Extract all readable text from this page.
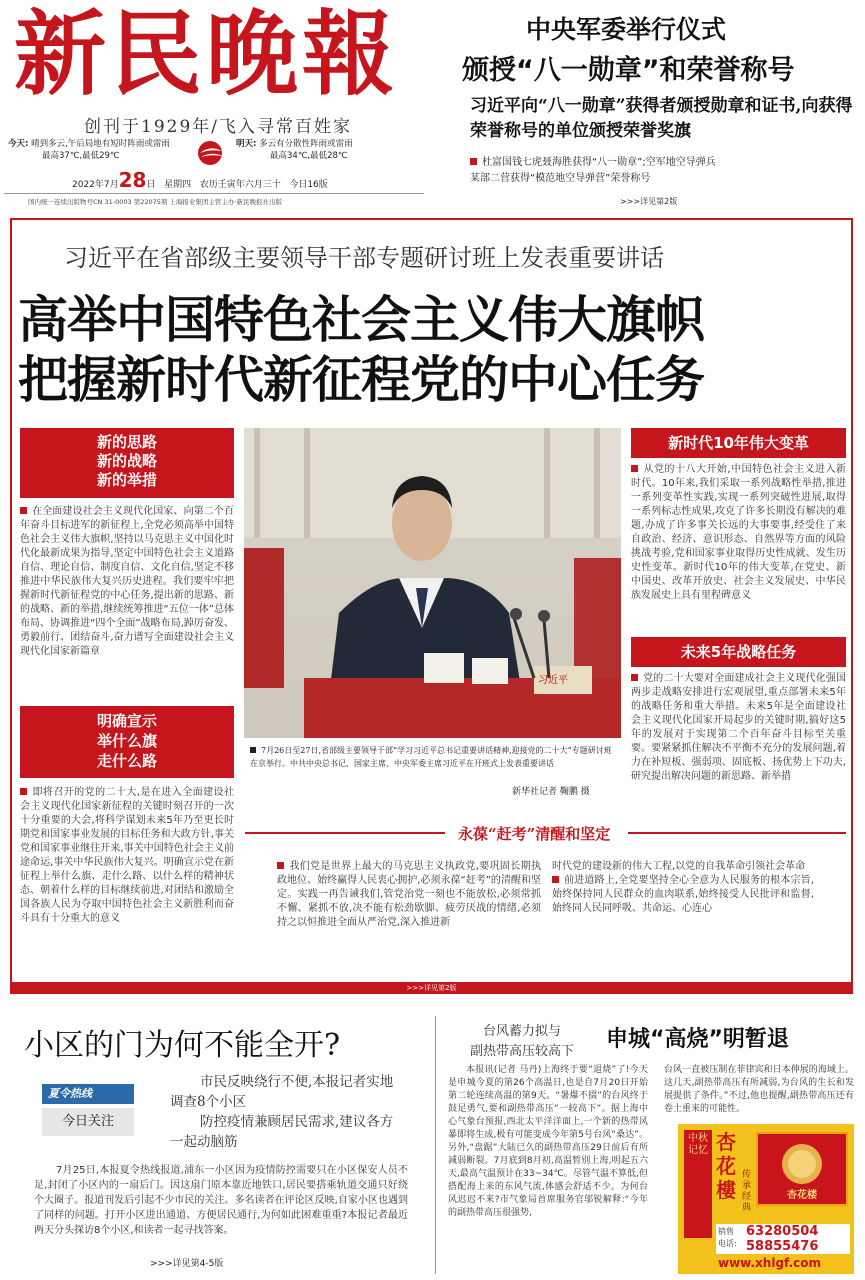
新民晚報
创刊于1929年/飞入寻常百姓家
今天: 晴到多云,午后局地有短时阵雨或雷雨
最高37℃,最低29℃
明天: 多云有分散性阵雨或雷雨
最高34℃,最低28℃
2022年7月28日 星期四 农历壬寅年六月三十 今日16版
国内统一连续出版物号CN 31-0003 第22075期 上海报业集团主管主办·新民晚报社出版
中央军委举行仪式
颁授“八一勋章”和荣誉称号
习近平向“八一勋章”获得者颁授勋章和证书,向获得荣誉称号的单位颁授荣誉奖旗
杜富国钱七虎聂海胜获得“八一勋章”;空军地空导弹兵
某部二营获得“模范地空导弹营”荣誉称号
>>>详见第2版
习近平在省部级主要领导干部专题研讨班上发表重要讲话
高举中国特色社会主义伟大旗帜
把握新时代新征程党的中心任务
新的思路
新的战略
新的举措
在全面建设社会主义现代化国家、向第二个百年奋斗目标进军的新征程上,全党必须高举中国特色社会主义伟大旗帜,坚持以马克思主义中国化时代化最新成果为指导,坚定中国特色社会主义道路自信、理论自信、制度自信、文化自信,坚定不移推进中华民族伟大复兴历史进程。我们要牢牢把握新时代新征程党的中心任务,提出新的思路、新的战略、新的举措,继续统筹推进“五位一体”总体布局、协调推进“四个全面”战略布局,踔厉奋发、勇毅前行、团结奋斗,奋力谱写全面建设社会主义现代化国家新篇章
明确宣示
举什么旗
走什么路
即将召开的党的二十大,是在进入全面建设社会主义现代化国家新征程的关键时刻召开的一次十分重要的大会,将科学谋划未来5年乃至更长时期党和国家事业发展的目标任务和大政方针,事关党和国家事业继往开来,事关中国特色社会主义前途命运,事关中华民族伟大复兴。明确宣示党在新征程上举什么旗、走什么路、以什么样的精神状态、朝着什么样的目标继续前进,对团结和激励全国各族人民为夺取中国特色社会主义新胜利而奋斗具有十分重大的意义
习近平
7月26日至27日,省部级主要领导干部“学习习近平总书记重要讲话精神,迎接党的二十大”专题研讨班在京举行。中共中央总书记、国家主席、中央军委主席习近平在开班式上发表重要讲话
新华社记者 鞠鹏 摄
新时代10年伟大变革
从党的十八大开始,中国特色社会主义进入新时代。10年来,我们采取一系列战略性举措,推进一系列变革性实践,实现一系列突破性进展,取得一系列标志性成果,攻克了许多长期没有解决的难题,办成了许多事关长远的大事要事,经受住了来自政治、经济、意识形态、自然界等方面的风险挑战考验,党和国家事业取得历史性成就、发生历史性变革。新时代10年的伟大变革,在党史、新中国史、改革开放史、社会主义发展史、中华民族发展史上具有里程碑意义
未来5年战略任务
党的二十大要对全面建成社会主义现代化强国两步走战略安排进行宏观展望,重点部署未来5年的战略任务和重大举措。未来5年是全面建设社会主义现代化国家开局起步的关键时期,搞好这5年的发展对于实现第二个百年奋斗目标至关重要。要紧紧抓住解决不平衡不充分的发展问题,着力在补短板、强弱项、固底板、扬优势上下功夫,研究提出解决问题的新思路、新举措
永葆“赶考”清醒和坚定
我们党是世界上最大的马克思主义执政党,要巩固长期执政地位、始终赢得人民衷心拥护,必须永葆“赶考”的清醒和坚定。实践一再告诫我们,管党治党一刻也不能放松,必须常抓不懈、紧抓不放,决不能有松劲歇脚、疲劳厌战的情绪,必须持之以恒推进全面从严治党,深入推进新
时代党的建设新的伟大工程,以党的自我革命引领社会革命
前进道路上,全党要坚持全心全意为人民服务的根本宗旨,始终保持同人民群众的血肉联系,始终接受人民批评和监督,始终同人民同呼吸、共命运、心连心
>>>详见第2版
小区的门为何不能全开?
夏令热线
今日关注
市民反映绕行不便,本报记者实地调查8个小区
防控疫情兼顾居民需求,建议各方一起动脑筋
7月25日,本报夏令热线报道,浦东一小区因为疫情防控需要只在小区保安人员不足,封闭了小区内的一扇后门。因这扇门原本靠近地铁口,居民要搭乘轨道交通只好绕个大圈子。报道刊发后引起不少市民的关注。多名读者在评论区反映,自家小区也遇到了同样的问题。打开小区进出通道、方便居民通行,为何如此困难重重?本报记者最近两天分头探访8个小区,和读者一起寻找答案。
>>>详见第4-5版
台风蓄力拟与
副热带高压较高下	申城“高烧”明暂退
本报讯(记者 马丹)上海终于要“退烧”了!今天是申城今夏的第26个高温日,也是自7月20日开始第二轮连续高温的第9天。“暑爆不掇”的台风终于鼓足勇气,要和副热带高压“一较高下”。据上海中心气象台预报,西北太平洋洋面上,一个新的热带风暴即将生成,极有可能变成今年第5号台风“桑达”。另外,“盘踞”大陆已久的副热带高压29日前后有所减弱断裂。7月底到8月初,高温暂别上海,明起五六天,最高气温预计在33~34℃。尽管气温不算低,但搭配海上来的东风气流,体感会舒适不少。为何台风迟迟不来?市气象局首席服务官邬锐解释:“今年的副热带高压很强势,
台风一直被压制在菲律宾和日本伸展的海域上。这几天,副热带高压有所减弱,为台风的生长和发展提供了条件。”不过,他也提醒,副热带高压还有卷土重来的可能性。
中秋记忆 杏花樓
传承经典
杏花楼
销售
电话:
63280504
58855476
www.xhlgf.com
